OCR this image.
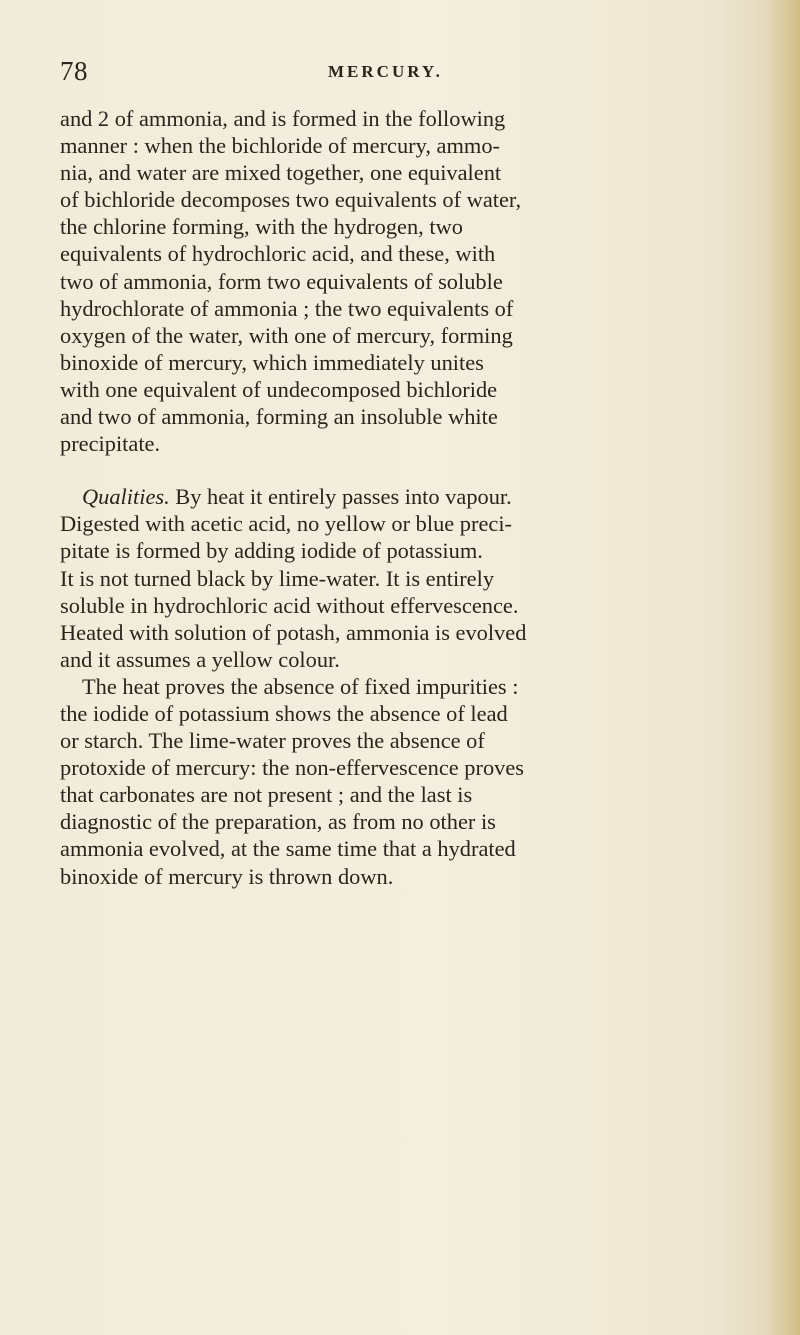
78	MERCURY.
and 2 of ammonia, and is formed in the following
manner : when the bichloride of mercury, ammo-
nia, and water are mixed together, one equivalent
of bichloride decomposes two equivalents of water,
the chlorine forming, with the hydrogen, two
equivalents of hydrochloric acid, and these, with
two of ammonia, form two equivalents of soluble
hydrochlorate of ammonia ; the two equivalents of
oxygen of the water, with one of mercury, forming
binoxide of mercury, which immediately unites
with one equivalent of undecomposed bichloride
and two of ammonia, forming an insoluble white
precipitate.
Qualities. By heat it entirely passes into vapour.
Digested with acetic acid, no yellow or blue preci-
pitate is formed by adding iodide of potassium.
It is not turned black by lime-water. It is entirely
soluble in hydrochloric acid without effervescence.
Heated with solution of potash, ammonia is evolved
and it assumes a yellow colour.
The heat proves the absence of fixed impurities :
the iodide of potassium shows the absence of lead
or starch. The lime-water proves the absence of
protoxide of mercury: the non-effervescence proves
that carbonates are not present ; and the last is
diagnostic of the preparation, as from no other is
ammonia evolved, at the same time that a hydrated
binoxide of mercury is thrown down.
